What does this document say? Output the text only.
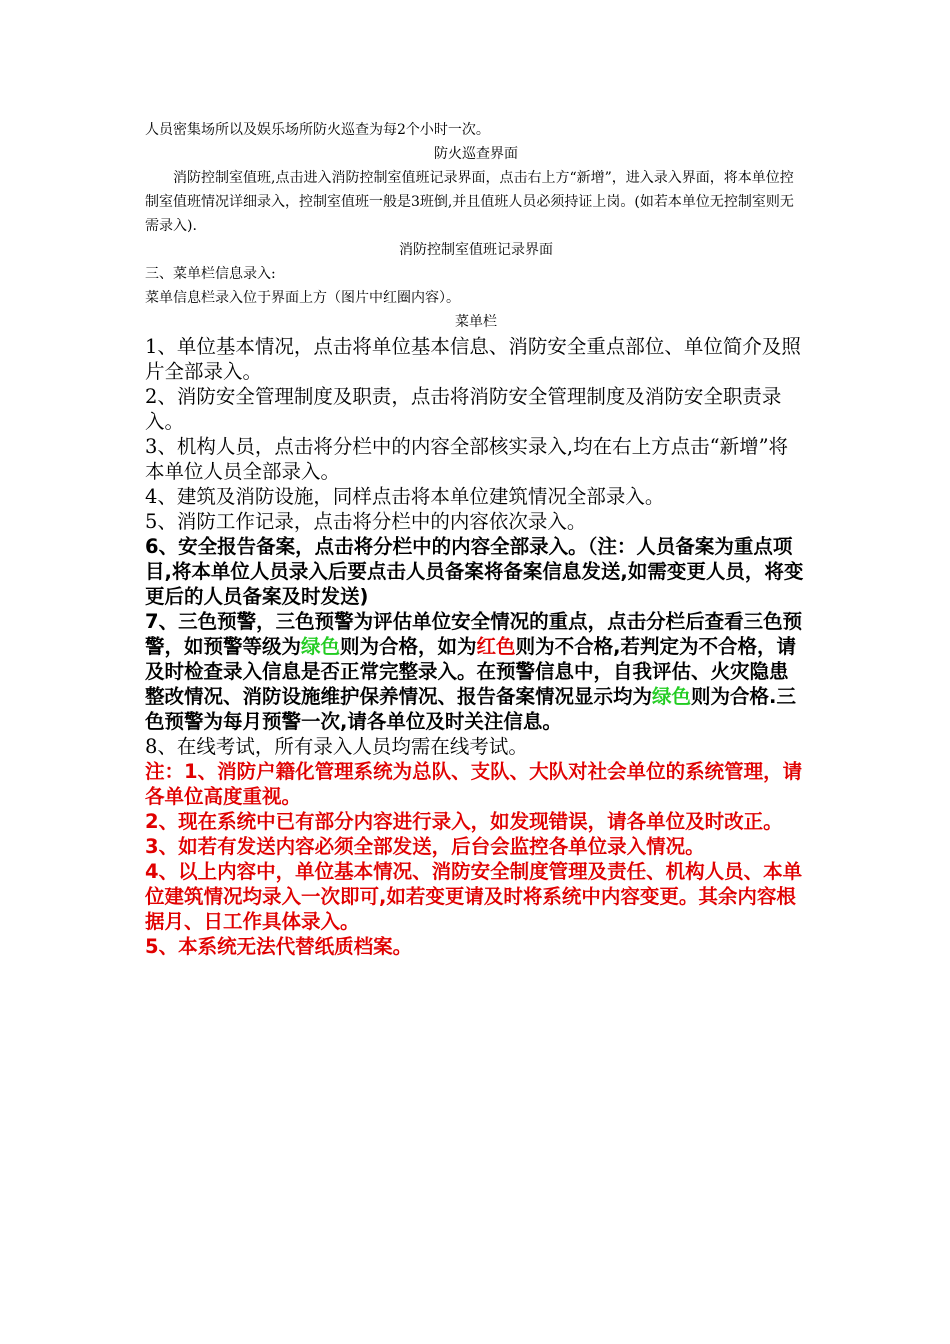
人员密集场所以及娱乐场所防火巡查为每2个小时一次。

防火巡查界面

消防控制室值班,点击进入消防控制室值班记录界面，点击右上方“新增”，进入录入界面，将本单位控制室值班情况详细录入，控制室值班一般是3班倒,并且值班人员必须持证上岗。(如若本单位无控制室则无需录入).

消防控制室值班记录界面

三、菜单栏信息录入:

菜单信息栏录入位于界面上方（图片中红圈内容）。

菜单栏

1、单位基本情况，点击将单位基本信息、消防安全重点部位、单位简介及照片全部录入。

2、消防安全管理制度及职责，点击将消防安全管理制度及消防安全职责录入。

3、机构人员，点击将分栏中的内容全部核实录入,均在右上方点击“新增”将本单位人员全部录入。

4、建筑及消防设施，同样点击将本单位建筑情况全部录入。

5、消防工作记录，点击将分栏中的内容依次录入。

6、安全报告备案，点击将分栏中的内容全部录入。（注：人员备案为重点项目,将本单位人员录入后要点击人员备案将备案信息发送,如需变更人员，将变更后的人员备案及时发送)

7、三色预警，三色预警为评估单位安全情况的重点，点击分栏后查看三色预警，如预警等级为绿色则为合格，如为红色则为不合格,若判定为不合格，请及时检查录入信息是否正常完整录入。在预警信息中，自我评估、火灾隐患整改情况、消防设施维护保养情况、报告备案情况显示均为绿色则为合格.三色预警为每月预警一次,请各单位及时关注信息。

8、在线考试，所有录入人员均需在线考试。

注：1、消防户籍化管理系统为总队、支队、大队对社会单位的系统管理，请各单位高度重视。

2、现在系统中已有部分内容进行录入，如发现错误，请各单位及时改正。

3、如若有发送内容必须全部发送，后台会监控各单位录入情况。

4、以上内容中，单位基本情况、消防安全制度管理及责任、机构人员、本单位建筑情况均录入一次即可,如若变更请及时将系统中内容变更。其余内容根据月、日工作具体录入。

5、本系统无法代替纸质档案。
